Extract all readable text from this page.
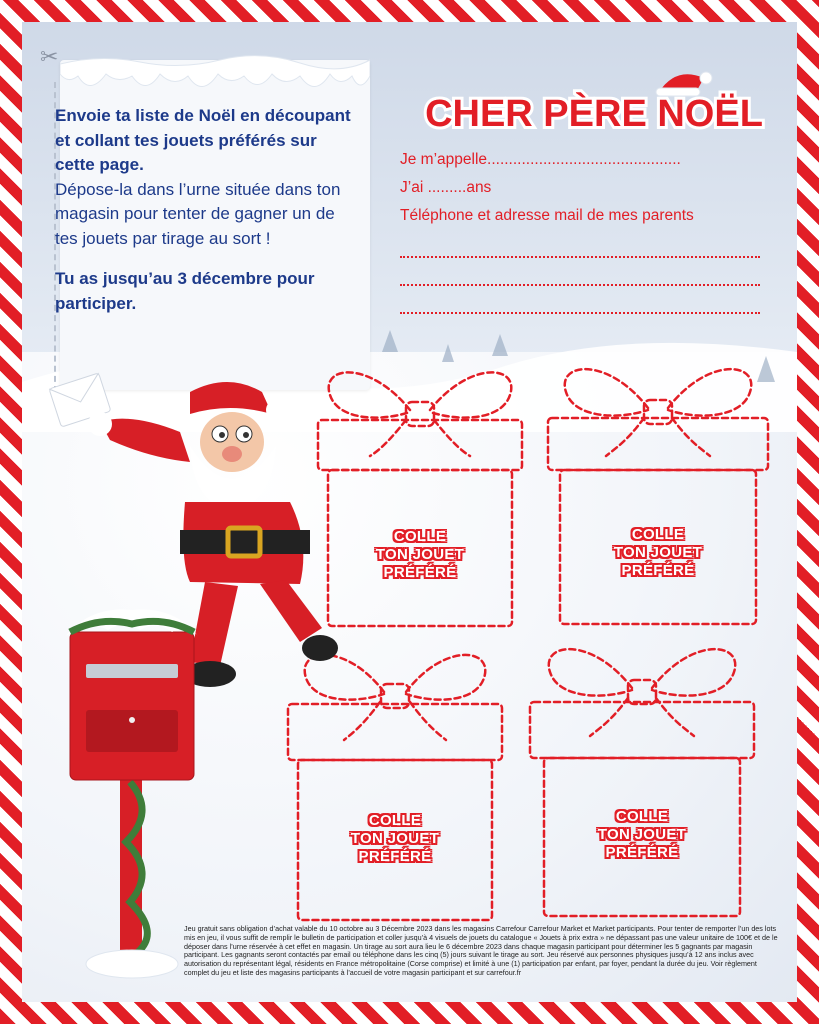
✂
Envoie ta liste de Noël en découpant et collant tes jouets préférés sur cette page.
Dépose-la dans l’urne située dans ton magasin pour tenter de gagner un de tes jouets par tirage au sort !
Tu as jusqu’au 3 décembre pour participer.
CHER PÈRE NOËL
Je m’appelle.............................................
J’ai .........ans
Téléphone et adresse mail de mes parents
COLLE
TON JOUET
PRÉFÉRÉ
COLLE
TON JOUET
PRÉFÉRÉ
COLLE
TON JOUET
PRÉFÉRÉ
COLLE
TON JOUET
PRÉFÉRÉ
Jeu gratuit sans obligation d’achat valable du 10 octobre au 3 Décembre 2023 dans les magasins Carrefour Carrefour Market et Market participants. Pour tenter de remporter l’un des lots mis en jeu, il vous suffit de remplir le bulletin de participation et coller jusqu’à 4 visuels de jouets du catalogue « Jouets à prix extra » ne dépassant pas une valeur unitaire de 100€ et de le déposer dans l’urne réservée à cet effet en magasin. Un tirage au sort aura lieu le 6 décembre 2023 dans chaque magasin participant pour déterminer les 5 gagnants par magasin participant. Les gagnants seront contactés par email ou téléphone dans les cinq (5) jours suivant le tirage au sort. Jeu réservé aux personnes physiques jusqu’à 12 ans inclus avec autorisation du représentant légal, résidents en France métropolitaine (Corse comprise) et limité à une (1) participation par enfant, par foyer, pendant la durée du jeu. Voir règlement complet du jeu et liste des magasins participants à l’accueil de votre magasin participant et sur carrefour.fr
